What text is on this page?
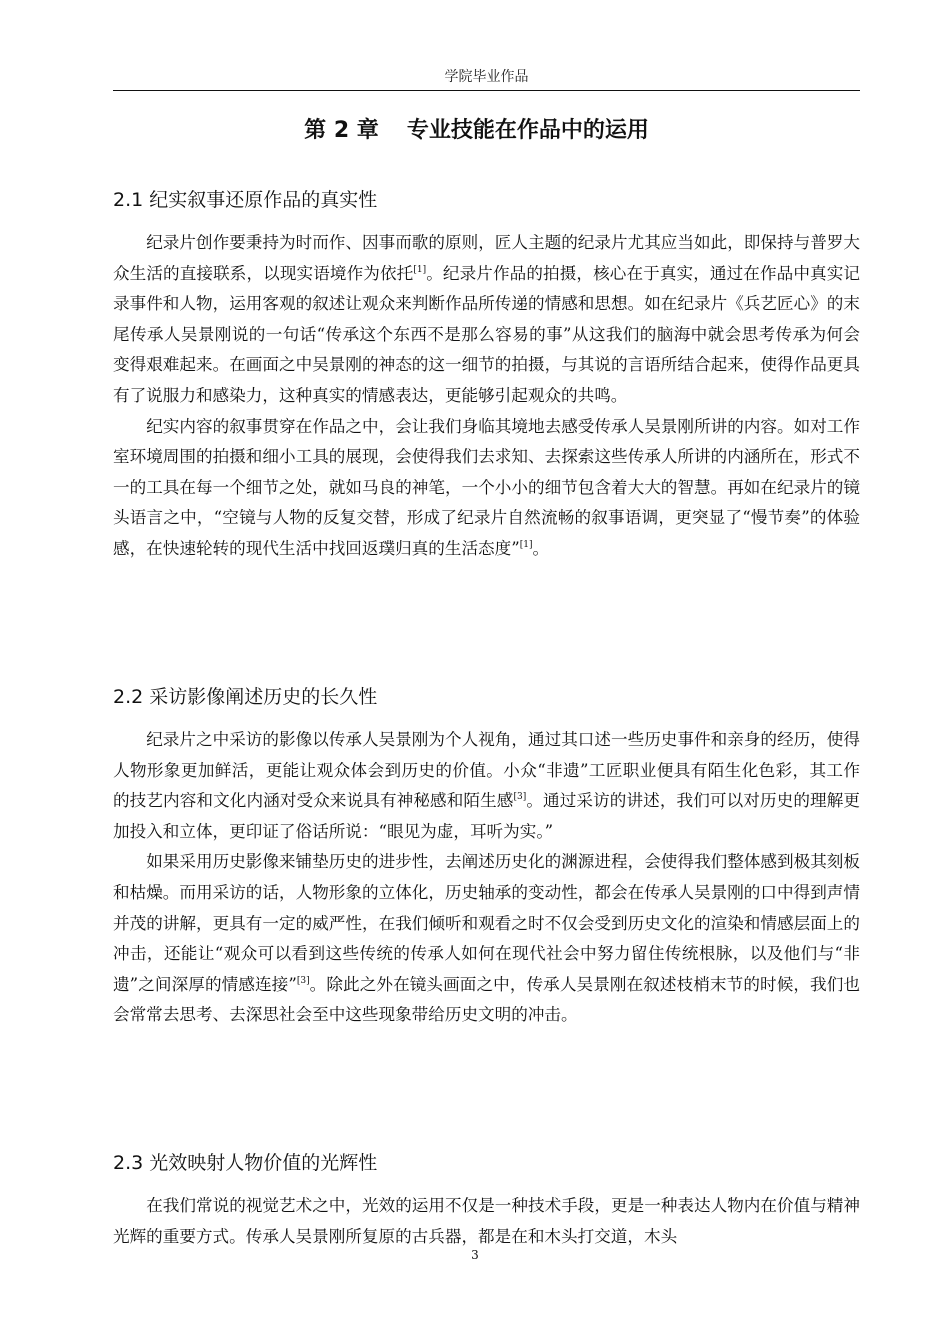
学院毕业作品
第 2 章 专业技能在作品中的运用
2.1 纪实叙事还原作品的真实性

纪录片创作要秉持为时而作、因事而歌的原则，匠人主题的纪录片尤其应当如此，即保持与普罗大众生活的直接联系，以现实语境作为依托[1]。纪录片作品的拍摄，核心在于真实，通过在作品中真实记录事件和人物，运用客观的叙述让观众来判断作品所传递的情感和思想。如在纪录片《兵艺匠心》的末尾传承人吴景刚说的一句话“传承这个东西不是那么容易的事”从这我们的脑海中就会思考传承为何会变得艰难起来。在画面之中吴景刚的神态的这一细节的拍摄，与其说的言语所结合起来，使得作品更具有了说服力和感染力，这种真实的情感表达，更能够引起观众的共鸣。

纪实内容的叙事贯穿在作品之中，会让我们身临其境地去感受传承人吴景刚所讲的内容。如对工作室环境周围的拍摄和细小工具的展现，会使得我们去求知、去探索这些传承人所讲的内涵所在，形式不一的工具在每一个细节之处，就如马良的神笔，一个小小的细节包含着大大的智慧。再如在纪录片的镜头语言之中，“空镜与人物的反复交替，形成了纪录片自然流畅的叙事语调，更突显了“慢节奏”的体验感，在快速轮转的现代生活中找回返璞归真的生活态度”[1]。

2.2 采访影像阐述历史的长久性

纪录片之中采访的影像以传承人吴景刚为个人视角，通过其口述一些历史事件和亲身的经历，使得人物形象更加鲜活，更能让观众体会到历史的价值。小众“非遗”工匠职业便具有陌生化色彩，其工作的技艺内容和文化内涵对受众来说具有神秘感和陌生感[3]。通过采访的讲述，我们可以对历史的理解更加投入和立体，更印证了俗话所说：“眼见为虚，耳听为实。”

如果采用历史影像来铺垫历史的进步性，去阐述历史化的渊源进程，会使得我们整体感到极其刻板和枯燥。而用采访的话，人物形象的立体化，历史轴承的变动性，都会在传承人吴景刚的口中得到声情并茂的讲解，更具有一定的威严性，在我们倾听和观看之时不仅会受到历史文化的渲染和情感层面上的冲击，还能让“观众可以看到这些传统的传承人如何在现代社会中努力留住传统根脉，以及他们与“非遗”之间深厚的情感连接”[3]。除此之外在镜头画面之中，传承人吴景刚在叙述枝梢末节的时候，我们也会常常去思考、去深思社会至中这些现象带给历史文明的冲击。

2.3 光效映射人物价值的光辉性

在我们常说的视觉艺术之中，光效的运用不仅是一种技术手段，更是一种表达人物内在价值与精神光辉的重要方式。传承人吴景刚所复原的古兵器，都是在和木头打交道，木头

3
